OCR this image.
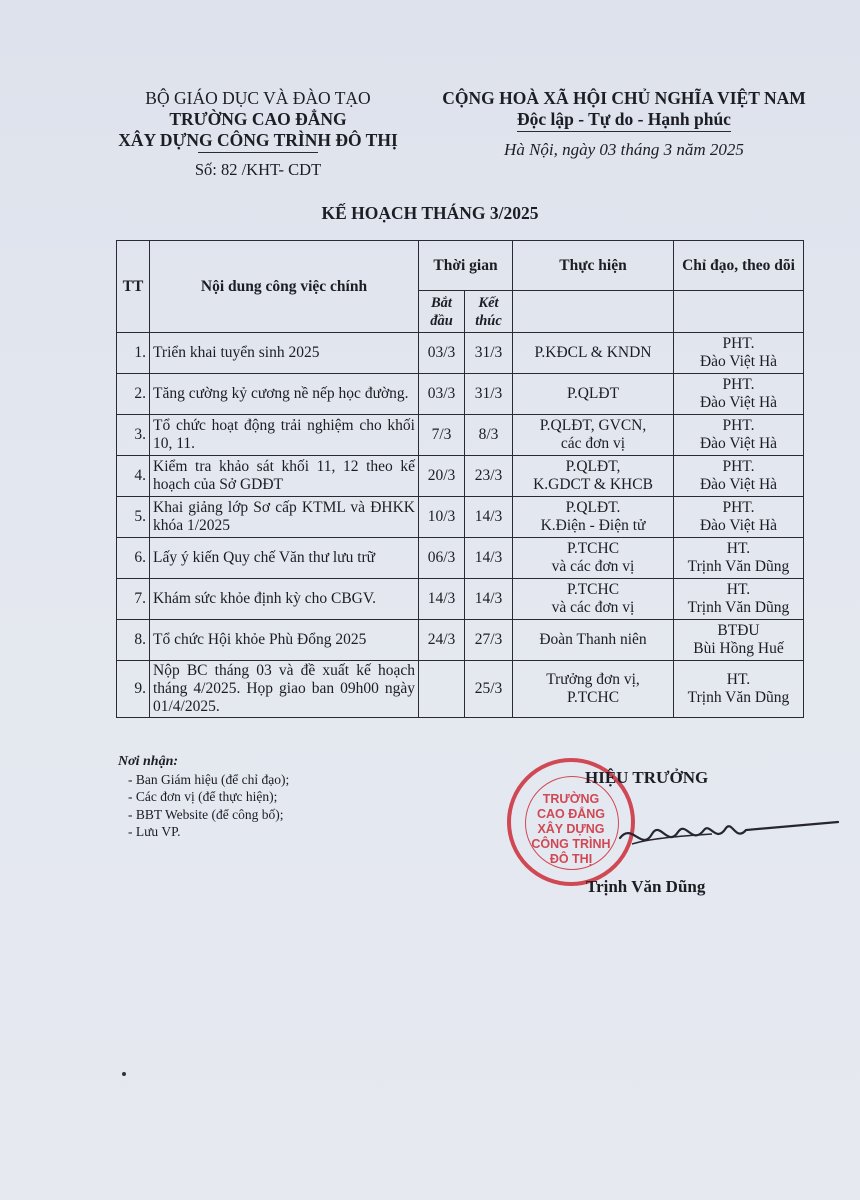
BỘ GIÁO DỤC VÀ ĐÀO TẠO
TRƯỜNG CAO ĐẲNG
XÂY DỰNG CÔNG TRÌNH ĐÔ THỊ
Số: 82 /KHT- CDT
CỘNG HOÀ XÃ HỘI CHỦ NGHĨA VIỆT NAM
Độc lập - Tự do - Hạnh phúc
Hà Nội, ngày 03 tháng 3 năm 2025
KẾ HOẠCH THÁNG 3/2025
TT	Nội dung công việc chính	Thời gian		Thực hiện	Chỉ đạo, theo dõi
		Bắt đầu	Kết thúc		
1.	Triển khai tuyển sinh 2025	03/3	31/3	P.KĐCL & KNDN	PHT.
Đào Việt Hà
2.	Tăng cường kỷ cương nề nếp học đường.	03/3	31/3	P.QLĐT	PHT.
Đào Việt Hà
3.	Tổ chức hoạt động trải nghiệm cho khối 10, 11.	7/3	8/3	P.QLĐT, GVCN,
các đơn vị	PHT.
Đào Việt Hà
4.	Kiểm tra khảo sát khối 11, 12 theo kế hoạch của Sở GDĐT	20/3	23/3	P.QLĐT,
K.GDCT & KHCB	PHT.
Đào Việt Hà
5.	Khai giảng lớp Sơ cấp KTML và ĐHKK khóa 1/2025	10/3	14/3	P.QLĐT.
K.Điện - Điện tử	PHT.
Đào Việt Hà
6.	Lấy ý kiến Quy chế Văn thư lưu trữ	06/3	14/3	P.TCHC
và các đơn vị	HT.
Trịnh Văn Dũng
7.	Khám sức khỏe định kỳ cho CBGV.	14/3	14/3	P.TCHC
và các đơn vị	HT.
Trịnh Văn Dũng
8.	Tổ chức Hội khỏe Phù Đổng 2025	24/3	27/3	Đoàn Thanh niên	BTĐU
Bùi Hồng Huế
9.	Nộp BC tháng 03 và đề xuất kế hoạch tháng 4/2025. Họp giao ban 09h00 ngày 01/4/2025.		25/3	Trưởng đơn vị,
P.TCHC	HT.
Trịnh Văn Dũng
Nơi nhận:
- Ban Giám hiệu (để chỉ đạo);
- Các đơn vị (để thực hiện);
- BBT Website (để công bố);
- Lưu VP.
TRƯỜNG
CAO ĐẲNG
XÂY DỰNG
CÔNG TRÌNH
ĐÔ THỊ
HIỆU TRƯỞNG
Trịnh Văn Dũng
